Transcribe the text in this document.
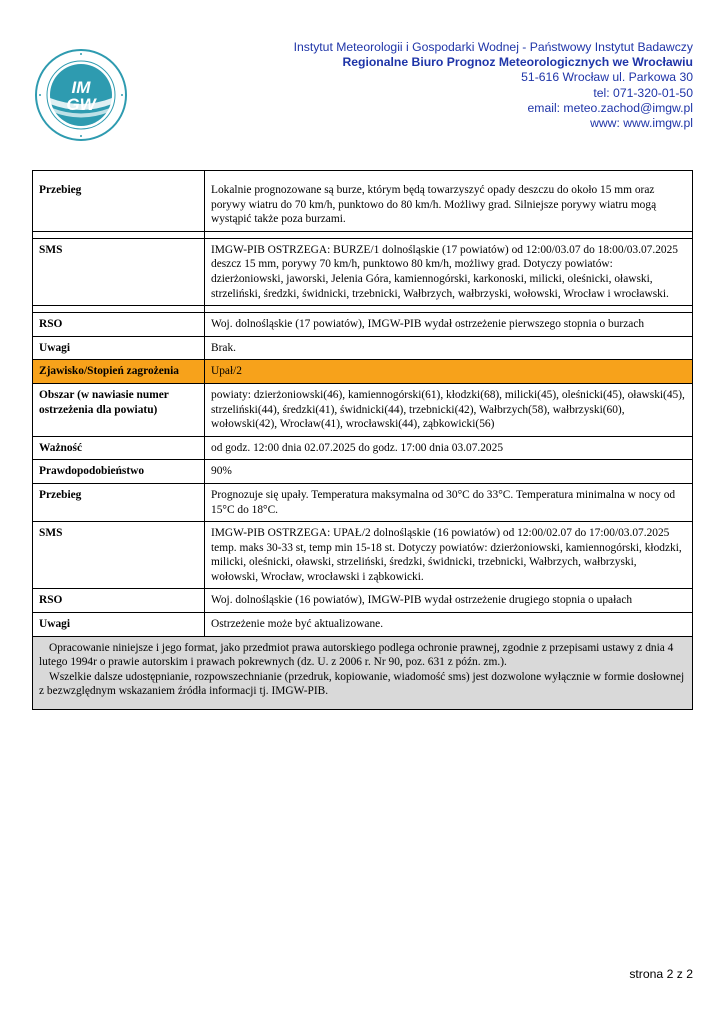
IM
GW
Instytut Meteorologii i Gospodarki Wodnej - Państwowy Instytut Badawczy
Regionalne Biuro Prognoz Meteorologicznych we Wrocławiu
51-616 Wrocław ul. Parkowa 30
tel: 071-320-01-50
email: meteo.zachod@imgw.pl
www: www.imgw.pl
Przebieg	Lokalnie prognozowane są burze, którym będą towarzyszyć opady deszczu do około 15 mm oraz porywy wiatru do 70 km/h, punktowo do 80 km/h. Możliwy grad. Silniejsze porywy wiatru mogą wystąpić także poza burzami.

SMS	IMGW-PIB OSTRZEGA: BURZE/1 dolnośląskie (17 powiatów) od 12:00/03.07 do 18:00/03.07.2025 deszcz 15 mm, porywy 70 km/h, punktowo 80 km/h, możliwy grad. Dotyczy powiatów: dzierżoniowski, jaworski, Jelenia Góra, kamiennogórski, karkonoski, milicki, oleśnicki, oławski, strzeliński, średzki, świdnicki, trzebnicki, Wałbrzych, wałbrzyski, wołowski, Wrocław i wrocławski.

RSO	Woj. dolnośląskie (17 powiatów), IMGW-PIB wydał ostrzeżenie pierwszego stopnia o burzach
Uwagi	Brak.
Zjawisko/Stopień zagrożenia	Upał/2
Obszar (w nawiasie numer ostrzeżenia dla powiatu)	powiaty: dzierżoniowski(46), kamiennogórski(61), kłodzki(68), milicki(45), oleśnicki(45), oławski(45), strzeliński(44), średzki(41), świdnicki(44), trzebnicki(42), Wałbrzych(58), wałbrzyski(60), wołowski(42), Wrocław(41), wrocławski(44), ząbkowicki(56)
Ważność	od godz. 12:00 dnia 02.07.2025 do godz. 17:00 dnia 03.07.2025
Prawdopodobieństwo	90%
Przebieg	Prognozuje się upały. Temperatura maksymalna od 30°C do 33°C. Temperatura minimalna w nocy od 15°C do 18°C.
SMS	IMGW-PIB OSTRZEGA: UPAŁ/2 dolnośląskie (16 powiatów) od 12:00/02.07 do 17:00/03.07.2025 temp. maks 30-33 st, temp min 15-18 st. Dotyczy powiatów: dzierżoniowski, kamiennogórski, kłodzki, milicki, oleśnicki, oławski, strzeliński, średzki, świdnicki, trzebnicki, Wałbrzych, wałbrzyski, wołowski, Wrocław, wrocławski i ząbkowicki.
RSO	Woj. dolnośląskie (16 powiatów), IMGW-PIB wydał ostrzeżenie drugiego stopnia o upałach
Uwagi	Ostrzeżenie może być aktualizowane.

Opracowanie niniejsze i jego format, jako przedmiot prawa autorskiego podlega ochronie prawnej, zgodnie z przepisami ustawy z dnia 4 lutego 1994r o prawie autorskim i prawach pokrewnych (dz. U. z 2006 r. Nr 90, poz. 631 z późn. zm.).

Wszelkie dalsze udostępnianie, rozpowszechnianie (przedruk, kopiowanie, wiadomość sms) jest dozwolone wyłącznie w formie dosłownej z bezwzględnym wskazaniem źródła informacji tj. IMGW-PIB.	

strona 2 z 2
